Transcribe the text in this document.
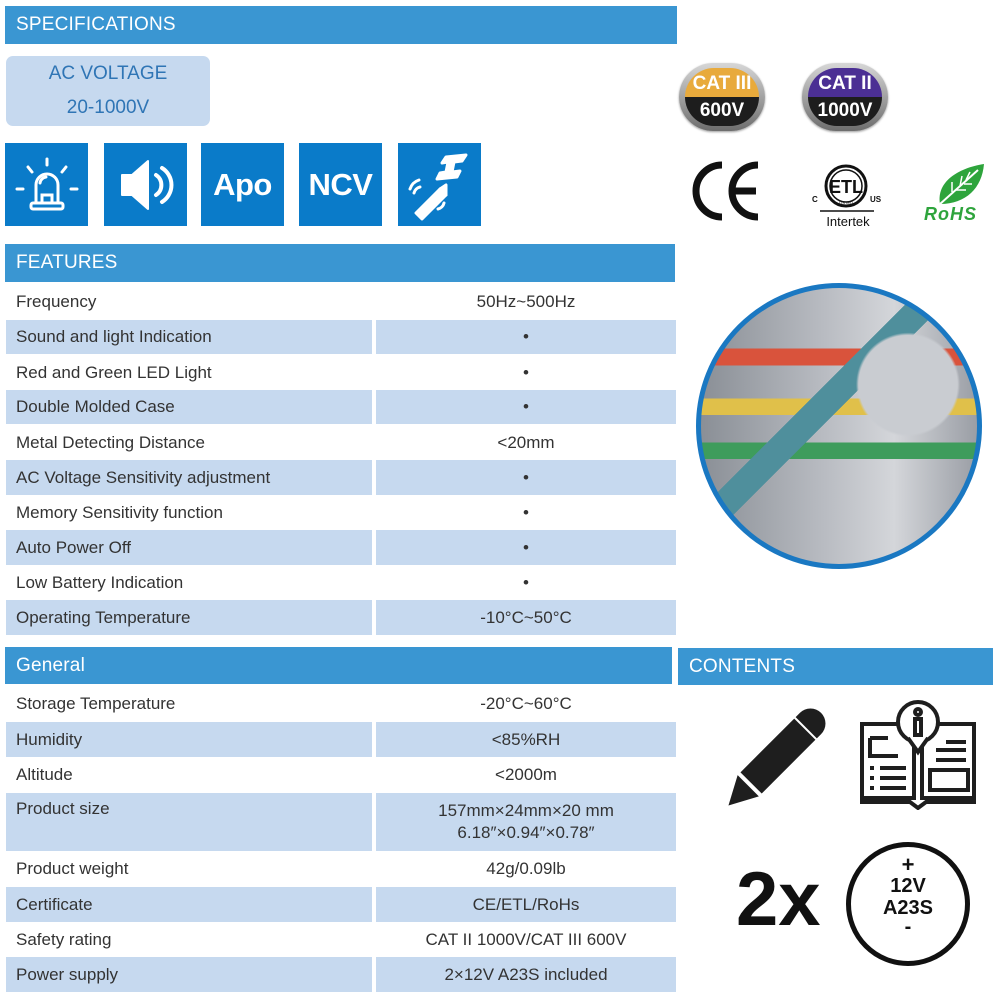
SPECIFICATIONS
AC VOLTAGE
20-1000V
Apo NCV
CAT III
600V
CAT II
1000V
ETL
C	US
LISTED
Intertek	RoHS
FEATURES
Frequency	50Hz~500Hz
Sound and light Indication	•
Red and Green LED Light	•
Double Molded Case	•
Metal Detecting Distance	<20mm
AC Voltage Sensitivity adjustment	•
Memory Sensitivity function	•
Auto Power Off	•
Low Battery Indication	•
Operating Temperature	-10°C~50°C
General	CONTENTS
Storage Temperature	-20°C~60°C
Humidity	<85%RH
Altitude	<2000m
Product size	157mm×24mm×20 mm
6.18″×0.94″×0.78″
Product weight	42g/0.09lb
Certificate	CE/ETL/RoHs
Safety rating	CAT II 1000V/CAT III 600V
Power supply	2×12V A23S included
2x	+
12V
A23S
-
